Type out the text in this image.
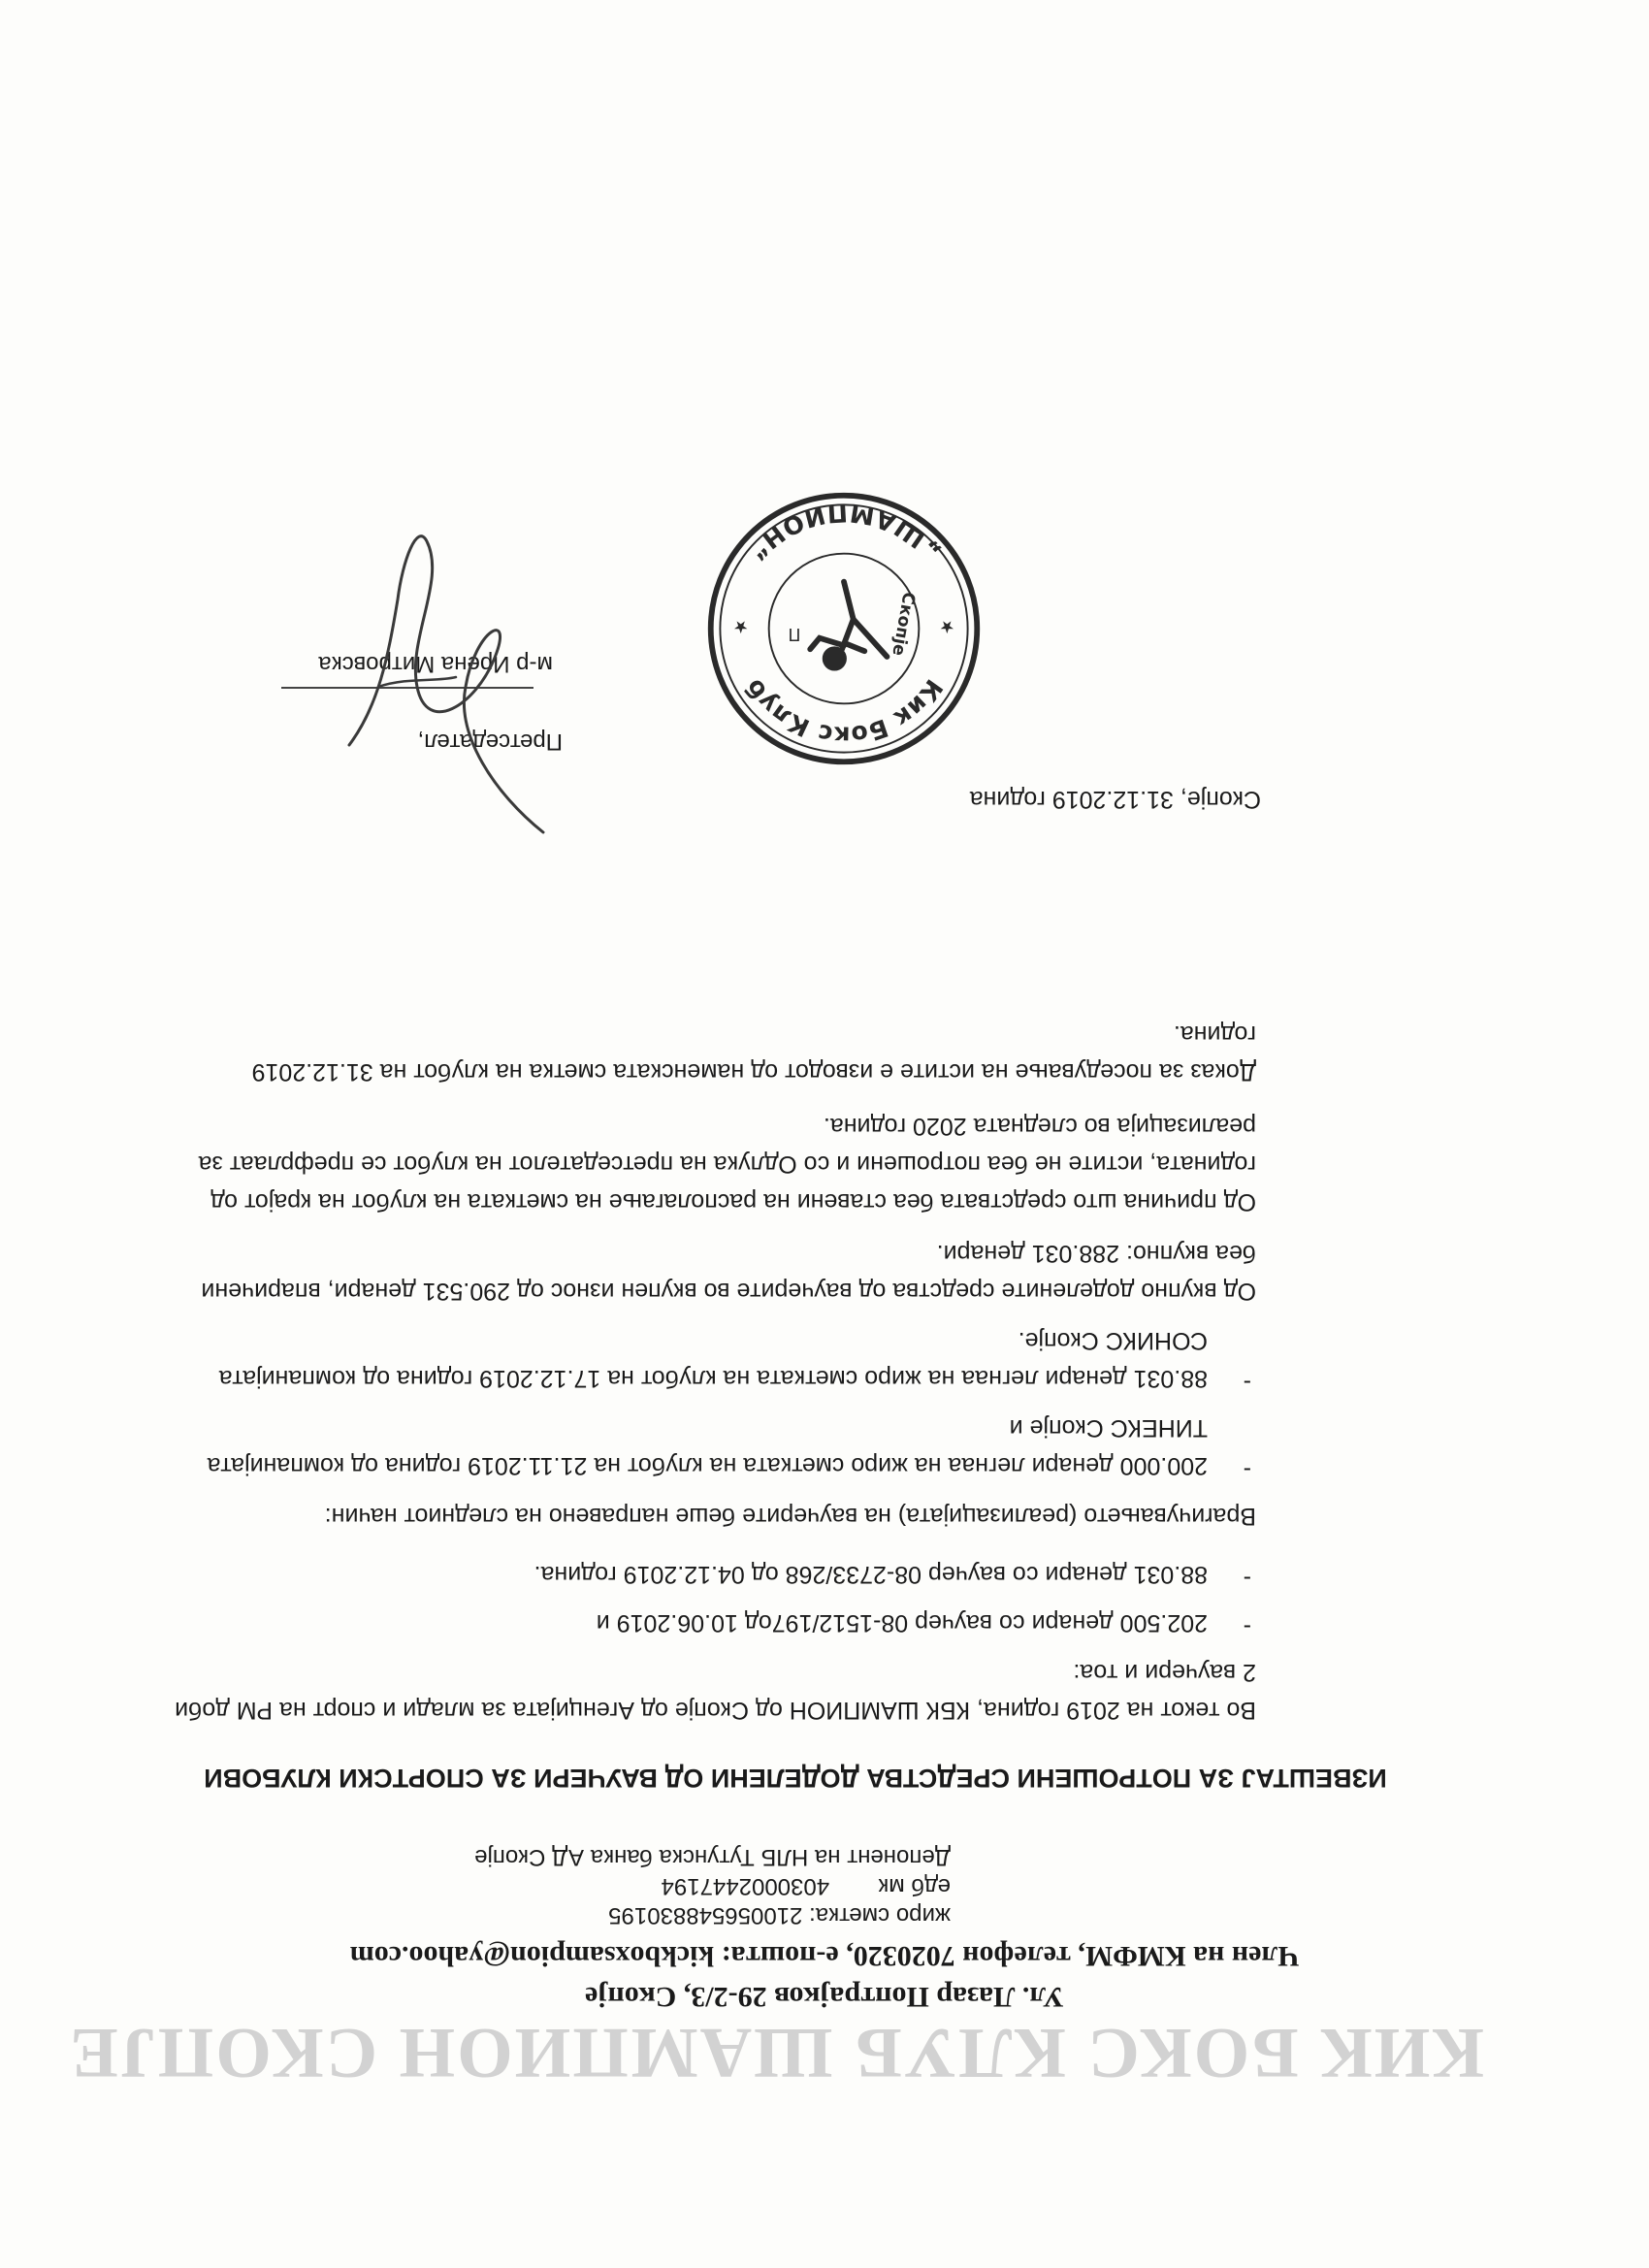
КИК БОКС КЛУБ ШАМПИОН СКОПЈЕ
Ул. Лазар Поптрајков 29-2/3, Скопје
Член на КМФМ, телефон 7020320, е-пошта: kickboxsampion@yahoo.com
жиро сметка: 210056548830195
едб мк 4030002447194
Депонент на НЛБ Тутунска банка АД Скопје
ИЗВЕШТАЈ ЗА ПОТРОШЕНИ СРЕДСТВА ДОДЕЛЕНИ ОД ВАУЧЕРИ ЗА СПОРТСКИ КЛУБОВИ
Во текот на 2019 година, КБК ШАМПИОН од Скопје од Агенцијата за млади и спорт на РМ доби 2 ваучери и тоа:
-
202.500 денари со ваучер 08-1512/197од 10.06.2019 и
-
88.031 денари со ваучер 08-2733/268 од 04.12.2019 година.
Вparичувањето (реализацијата) на ваучерите беше направено на следниот начин:
-
200.000 денари легнаа на жиро сметката на клубот на 21.11.2019 година од компанијата ТИНЕКС Скопје и
-
88.031 денари легнаа на жиро сметката на клубот на 17.12.2019 година од компанијата СОНИКС Скопје.
Од вкупно доделените средства од ваучерите во вкупен износ од 290.531 денари, впаричени беа вкупно: 288.031 денари.
Од причина што средствата беа ставени на располагање на сметката на клубот на крајот од годината, истите не беа потрошени и со Одлука на претседателот на клубот се префрлаат за реализација во следната 2020 година.
Доказ за поседување на истите е изводот од наменската сметка на клубот на 31.12.2019 година.
Скопје, 31.12.2019 година
Претседател,
м-р Ирена Митровска
Кик Бокс Клуб
„ШАМПИОН“
Скопје
П	★
★
